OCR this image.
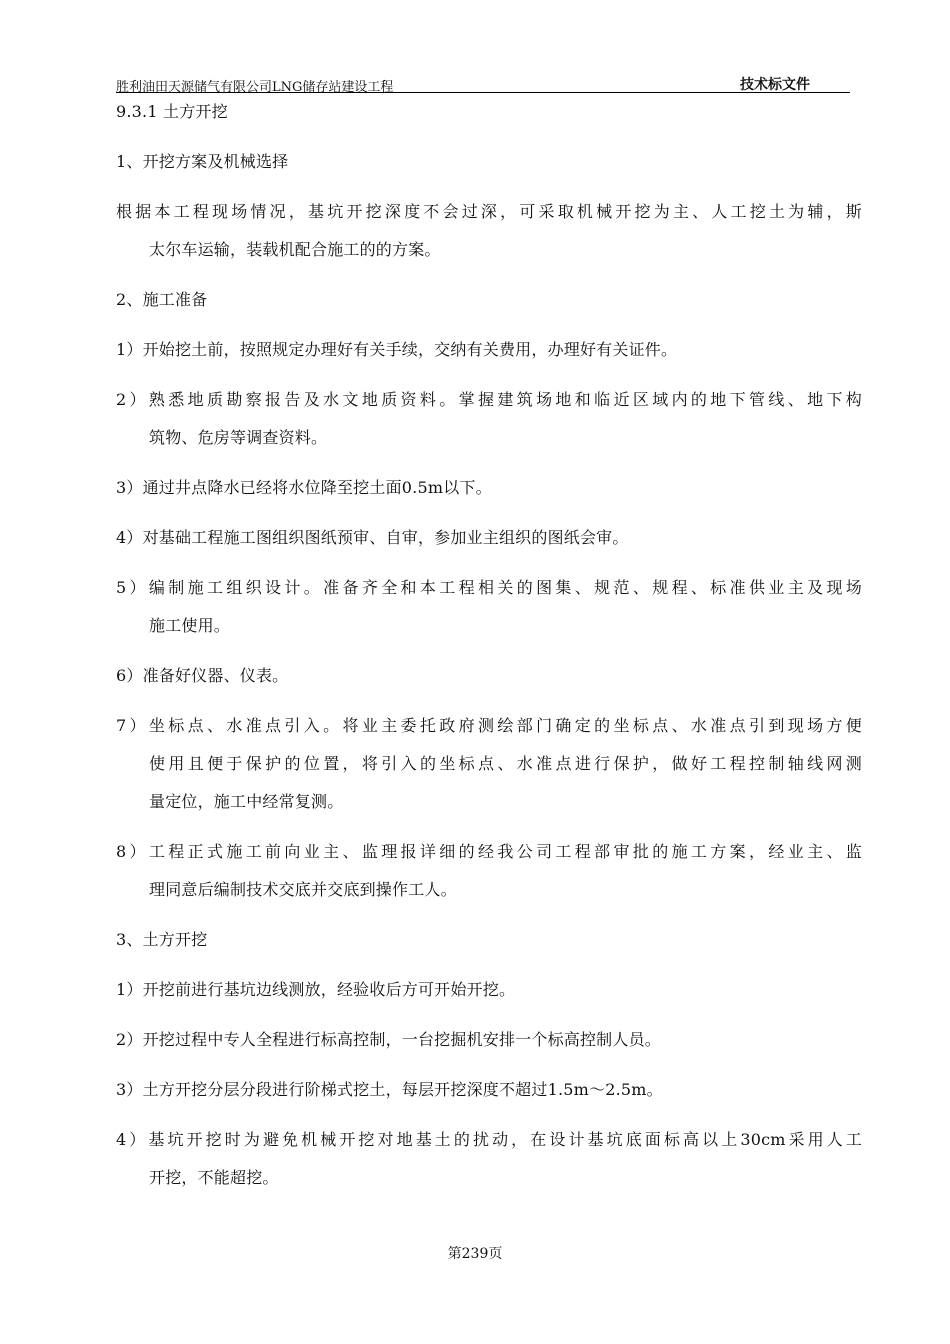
胜利油田天源储气有限公司LNG储存站建设工程	技术标文件
9.3.1 土方开挖
1、开挖方案及机械选择
根据本工程现场情况，基坑开挖深度不会过深，可采取机械开挖为主、人工挖土为辅，斯
太尔车运输，装载机配合施工的的方案。
2、施工准备
1）开始挖土前，按照规定办理好有关手续，交纳有关费用，办理好有关证件。
2）熟悉地质勘察报告及水文地质资料。掌握建筑场地和临近区域内的地下管线、地下构
筑物、危房等调查资料。
3）通过井点降水已经将水位降至挖土面0.5m以下。
4）对基础工程施工图组织图纸预审、自审，参加业主组织的图纸会审。
5）编制施工组织设计。准备齐全和本工程相关的图集、规范、规程、标准供业主及现场
施工使用。
6）准备好仪器、仪表。
7）坐标点、水准点引入。将业主委托政府测绘部门确定的坐标点、水准点引到现场方便
使用且便于保护的位置，将引入的坐标点、水准点进行保护，做好工程控制轴线网测
量定位，施工中经常复测。
8）工程正式施工前向业主、监理报详细的经我公司工程部审批的施工方案，经业主、监
理同意后编制技术交底并交底到操作工人。
3、土方开挖
1）开挖前进行基坑边线测放，经验收后方可开始开挖。
2）开挖过程中专人全程进行标高控制，一台挖掘机安排一个标高控制人员。
3）土方开挖分层分段进行阶梯式挖土，每层开挖深度不超过1.5m～2.5m。
4）基坑开挖时为避免机械开挖对地基土的扰动，在设计基坑底面标高以上30cm采用人工
开挖，不能超挖。
第239页
